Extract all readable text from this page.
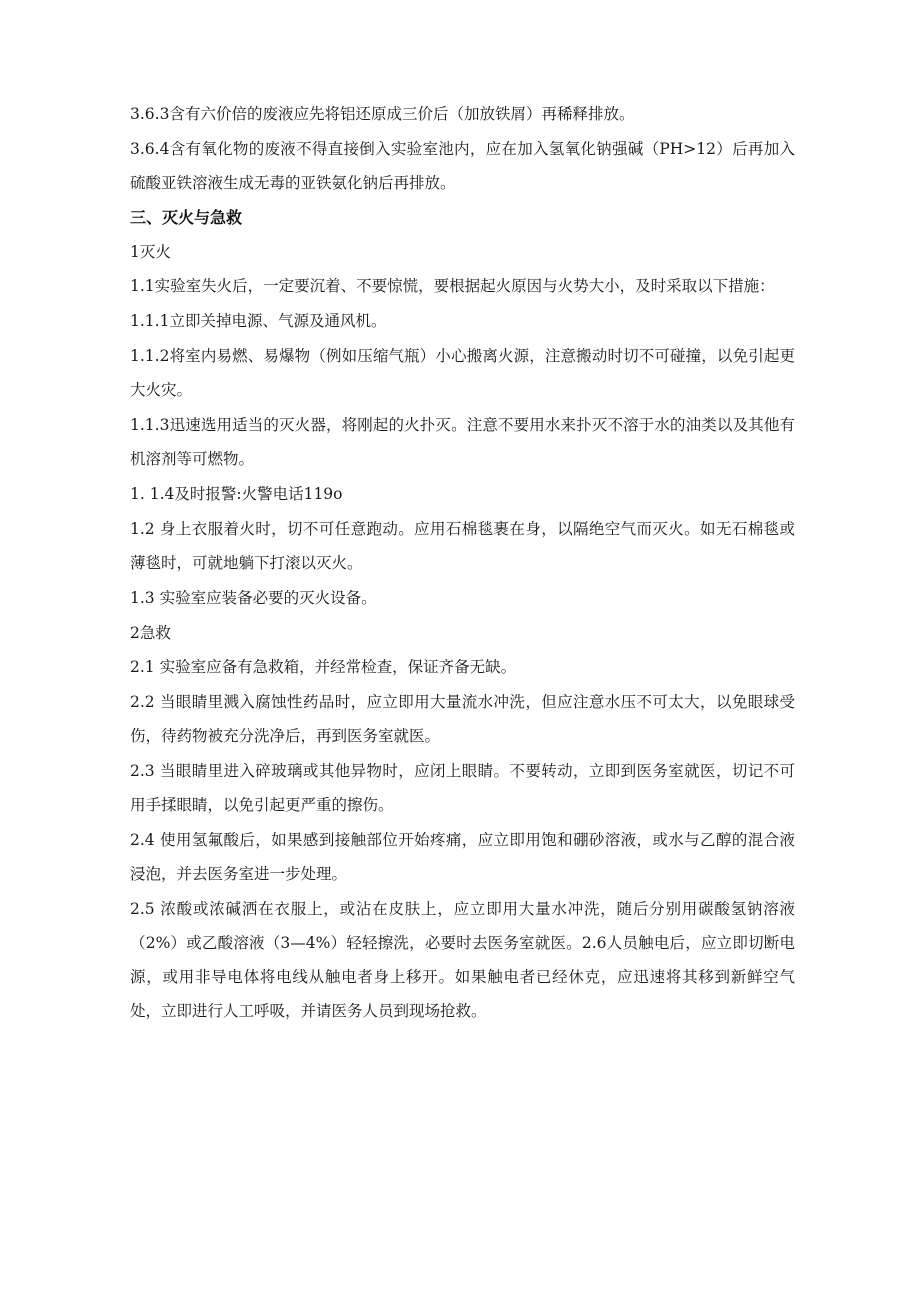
3.6.3含有六价倍的废液应先将铝还原成三价后（加放铁屑）再稀释排放。

3.6.4含有氧化物的废液不得直接倒入实验室池内，应在加入氢氧化钠强碱（PH>12）后再加入硫酸亚铁溶液生成无毒的亚铁氨化钠后再排放。

三、灭火与急救

1灭火

1.1实验室失火后，一定要沉着、不要惊慌，要根据起火原因与火势大小，及时采取以下措施：

1.1.1立即关掉电源、气源及通风机。

1.1.2将室内易燃、易爆物（例如压缩气瓶）小心搬离火源，注意搬动时切不可碰撞，以免引起更大火灾。

1.1.3迅速选用适当的灭火器，将刚起的火扑灭。注意不要用水来扑灭不溶于水的油类以及其他有机溶剂等可燃物。

1. 1.4及时报警:火警电话119o

1.2 身上衣服着火时，切不可任意跑动。应用石棉毯裹在身，以隔绝空气而灭火。如无石棉毯或薄毯时，可就地躺下打滚以灭火。

1.3 实验室应装备必要的灭火设备。

2急救

2.1 实验室应备有急救箱，并经常检查，保证齐备无缺。

2.2 当眼睛里溅入腐蚀性药品时，应立即用大量流水冲洗，但应注意水压不可太大，以免眼球受伤，待药物被充分洗净后，再到医务室就医。

2.3 当眼睛里进入碎玻璃或其他异物时，应闭上眼睛。不要转动，立即到医务室就医，切记不可用手揉眼睛，以免引起更严重的擦伤。

2.4 使用氢氟酸后，如果感到接触部位开始疼痛，应立即用饱和硼砂溶液，或水与乙醇的混合液浸泡，并去医务室进一步处理。

2.5 浓酸或浓碱洒在衣服上，或沾在皮肤上，应立即用大量水冲洗，随后分别用碳酸氢钠溶液（2%）或乙酸溶液（3—4%）轻轻擦洗，必要时去医务室就医。2.6人员触电后，应立即切断电源，或用非导电体将电线从触电者身上移开。如果触电者已经休克，应迅速将其移到新鲜空气处，立即进行人工呼吸，并请医务人员到现场抢救。
